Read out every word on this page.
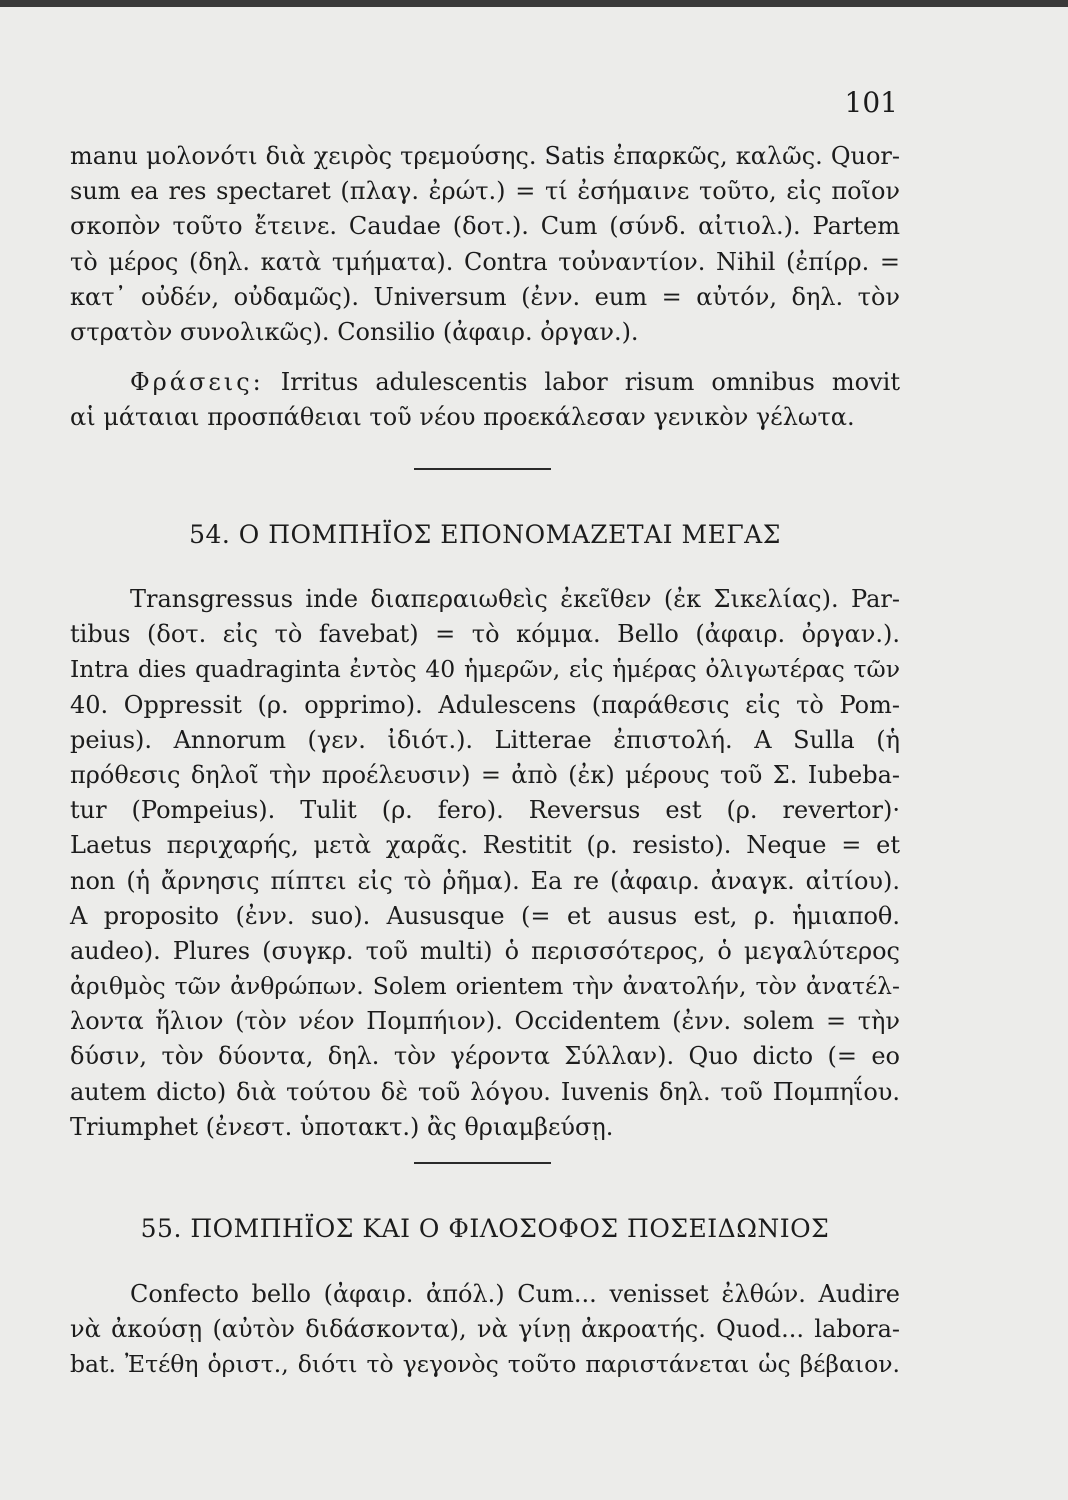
101
manu μολονότι διὰ χειρὸς τρεμούσης. Satis ἐπαρκῶς, καλῶς. Quor-
sum ea res spectaret (πλαγ. ἐρώτ.) = τί ἐσήμαινε τοῦτο, εἰς ποῖον
σκοπὸν τοῦτο ἔτεινε. Caudae (δοτ.). Cum (σύνδ. αἰτιολ.). Partem
τὸ μέρος (δηλ. κατὰ τμήματα). Contra τοὐναντίον. Nihil (ἐπίρρ. =
κατ᾽ οὐδέν, οὐδαμῶς). Universum (ἐνν. eum = αὐτόν, δηλ. τὸν
στρατὸν συνολικῶς). Consilio (ἀφαιρ. ὀργαν.).
Φράσεις: Irritus adulescentis labor risum omnibus movit
αἱ μάταιαι προσπάθειαι τοῦ νέου προεκάλεσαν γενικὸν γέλωτα.
54. Ο ΠΟΜΠΗΪΟΣ ΕΠΟΝΟΜΑΖΕΤΑΙ ΜΕΓΑΣ
Transgressus inde διαπεραιωθεὶς ἐκεῖθεν (ἐκ Σικελίας). Par-
tibus (δοτ. εἰς τὸ favebat) = τὸ κόμμα. Bello (ἀφαιρ. ὀργαν.).
Intra dies quadraginta ἐντὸς 40 ἡμερῶν, εἰς ἡμέρας ὀλιγωτέρας τῶν
40. Oppressit (ρ. opprimo). Adulescens (παράθεσις εἰς τὸ Pom-
peius). Annorum (γεν. ἰδιότ.). Litterae ἐπιστολή. A Sulla (ἡ
πρόθεσις δηλοῖ τὴν προέλευσιν) = ἀπὸ (ἐκ) μέρους τοῦ Σ. Iubeba-
tur (Pompeius). Tulit (ρ. fero). Reversus est (ρ. revertor)·
Laetus περιχαρής, μετὰ χαρᾶς. Restitit (ρ. resisto). Neque = et
non (ἡ ἄρνησις πίπτει εἰς τὸ ῥῆμα). Ea re (ἀφαιρ. ἀναγκ. αἰτίου).
A proposito (ἐνν. suo). Aususque (= et ausus est, ρ. ἡμιαποθ.
audeo). Plures (συγκρ. τοῦ multi) ὁ περισσότερος, ὁ μεγαλύτερος
ἀριθμὸς τῶν ἀνθρώπων. Solem orientem τὴν ἀνατολήν, τὸν ἀνατέλ-
λοντα ἥλιον (τὸν νέον Πομπήιον). Occidentem (ἐνν. solem = τὴν
δύσιν, τὸν δύοντα, δηλ. τὸν γέροντα Σύλλαν). Quo dicto (= eo
autem dicto) διὰ τούτου δὲ τοῦ λόγου. Iuvenis δηλ. τοῦ Πομπηΐου.
Triumphet (ἐνεστ. ὑποτακτ.) ἂς θριαμβεύσῃ.
55. ΠΟΜΠΗΪΟΣ ΚΑΙ Ο ΦΙΛΟΣΟΦΟΣ ΠΟΣΕΙΔΩΝΙΟΣ
Confecto bello (ἀφαιρ. ἀπόλ.) Cum... venisset ἐλθών. Audire
νὰ ἀκούσῃ (αὐτὸν διδάσκοντα), νὰ γίνῃ ἀκροατής. Quod... labora-
bat. Ἐτέθη ὁριστ., διότι τὸ γεγονὸς τοῦτο παριστάνεται ὡς βέβαιον.
